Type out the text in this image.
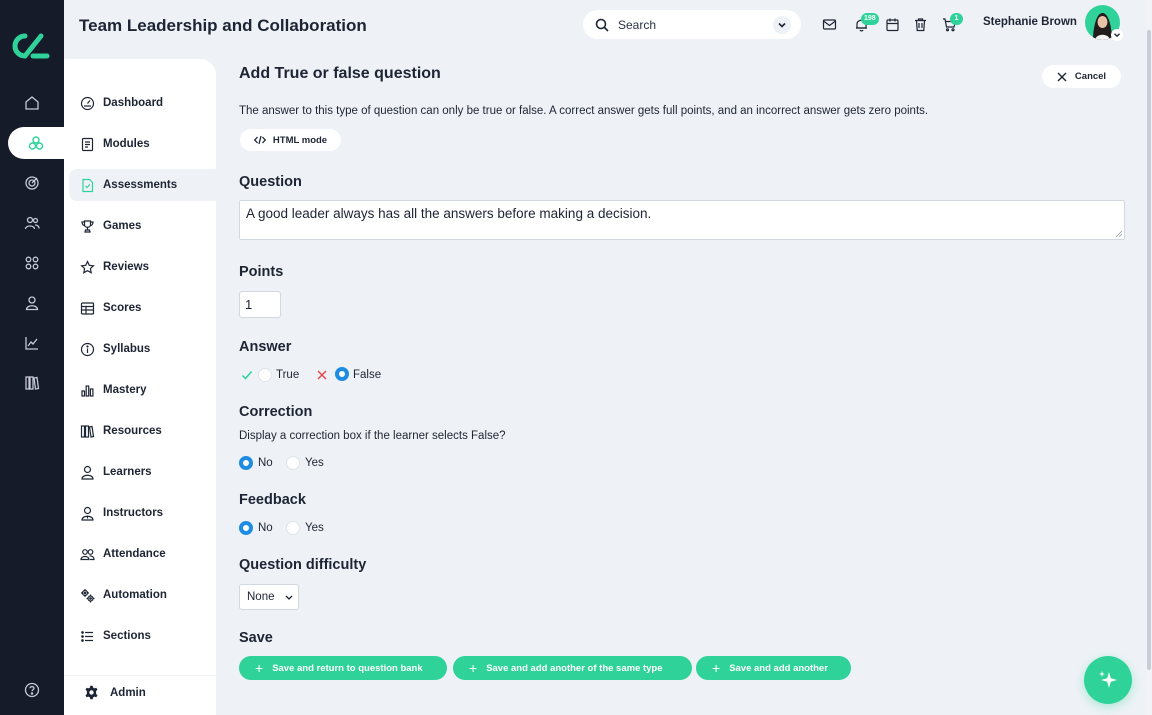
Team Leadership and Collaboration	Search	198	1	Stephanie Brown
Dashboard
Modules
Assessments
Games
Reviews
Scores
Syllabus
Mastery
Resources
Learners
Instructors
Attendance
Automation
Sections
Admin
Add True or false question	Cancel
The answer to this type of question can only be true or false. A correct answer gets full points, and an incorrect answer gets zero points.
HTML mode
Question
A good leader always has all the answers before making a decision.
Points
1
Answer
True	False
Correction
Display a correction box if the learner selects False?
No	Yes
Feedback
No	Yes
Question difficulty
None
Save
+ Save and return to question bank	+ Save and add another of the same type	+ Save and add another
